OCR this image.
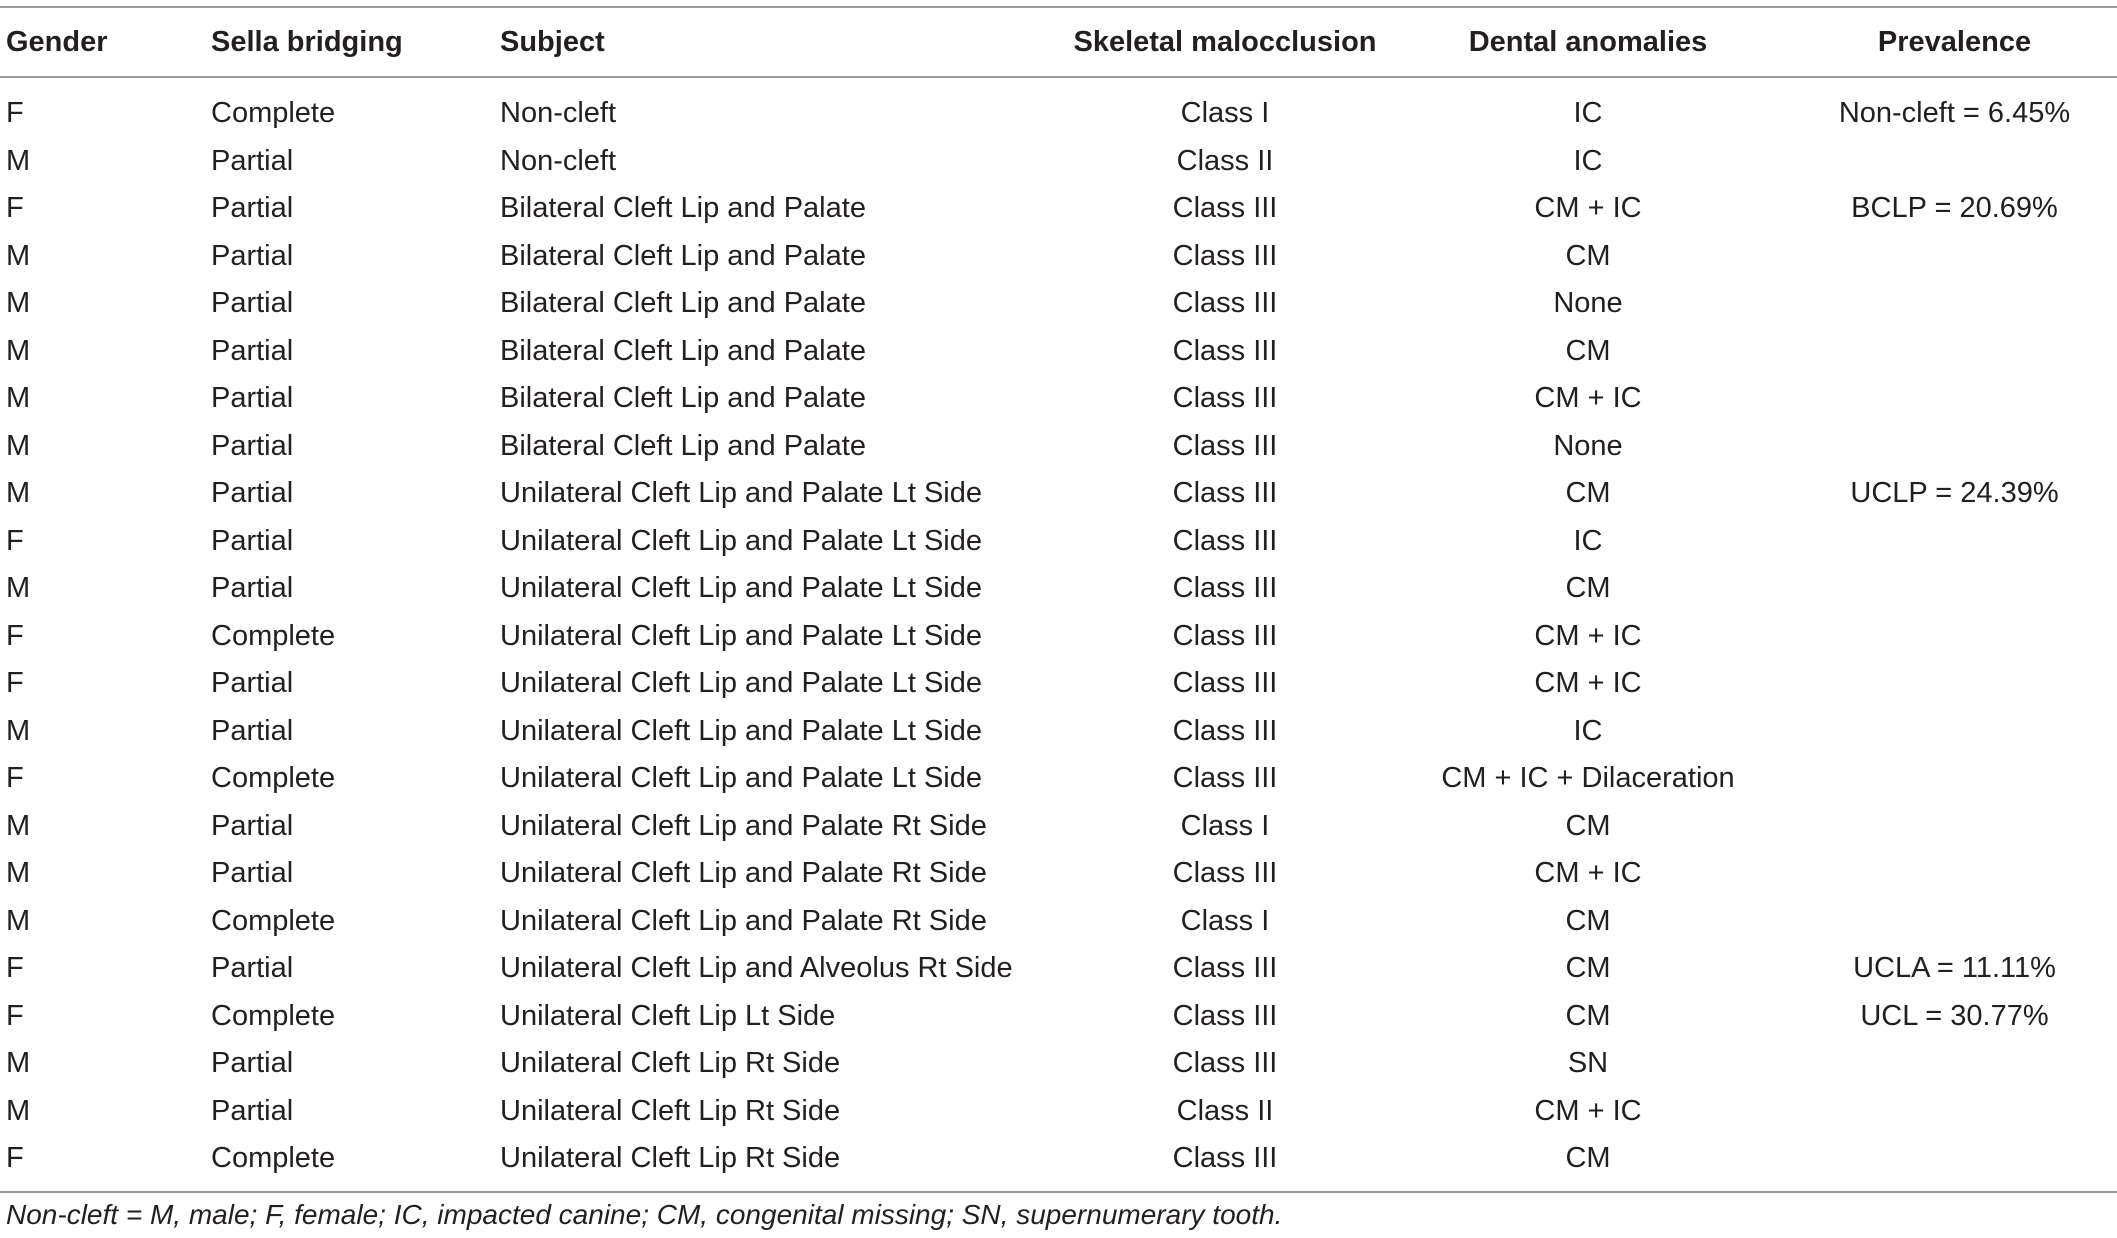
Gender	Sella bridging	Subject	Skeletal malocclusion	Dental anomalies	Prevalence
F	Complete	Non-cleft	Class I	IC	Non-cleft = 6.45%
M	Partial	Non-cleft	Class II	IC	
F	Partial	Bilateral Cleft Lip and Palate	Class III	CM + IC	BCLP = 20.69%
M	Partial	Bilateral Cleft Lip and Palate	Class III	CM	
M	Partial	Bilateral Cleft Lip and Palate	Class III	None	
M	Partial	Bilateral Cleft Lip and Palate	Class III	CM	
M	Partial	Bilateral Cleft Lip and Palate	Class III	CM + IC	
M	Partial	Bilateral Cleft Lip and Palate	Class III	None	
M	Partial	Unilateral Cleft Lip and Palate Lt Side	Class III	CM	UCLP = 24.39%
F	Partial	Unilateral Cleft Lip and Palate Lt Side	Class III	IC	
M	Partial	Unilateral Cleft Lip and Palate Lt Side	Class III	CM	
F	Complete	Unilateral Cleft Lip and Palate Lt Side	Class III	CM + IC	
F	Partial	Unilateral Cleft Lip and Palate Lt Side	Class III	CM + IC	
M	Partial	Unilateral Cleft Lip and Palate Lt Side	Class III	IC	
F	Complete	Unilateral Cleft Lip and Palate Lt Side	Class III	CM + IC + Dilaceration	
M	Partial	Unilateral Cleft Lip and Palate Rt Side	Class I	CM	
M	Partial	Unilateral Cleft Lip and Palate Rt Side	Class III	CM + IC	
M	Complete	Unilateral Cleft Lip and Palate Rt Side	Class I	CM	
F	Partial	Unilateral Cleft Lip and Alveolus Rt Side	Class III	CM	UCLA = 11.11%
F	Complete	Unilateral Cleft Lip Lt Side	Class III	CM	UCL = 30.77%
M	Partial	Unilateral Cleft Lip Rt Side	Class III	SN	
M	Partial	Unilateral Cleft Lip Rt Side	Class II	CM + IC	
F	Complete	Unilateral Cleft Lip Rt Side	Class III	CM	
Non-cleft = M, male; F, female; IC, impacted canine; CM, congenital missing; SN, supernumerary tooth.
